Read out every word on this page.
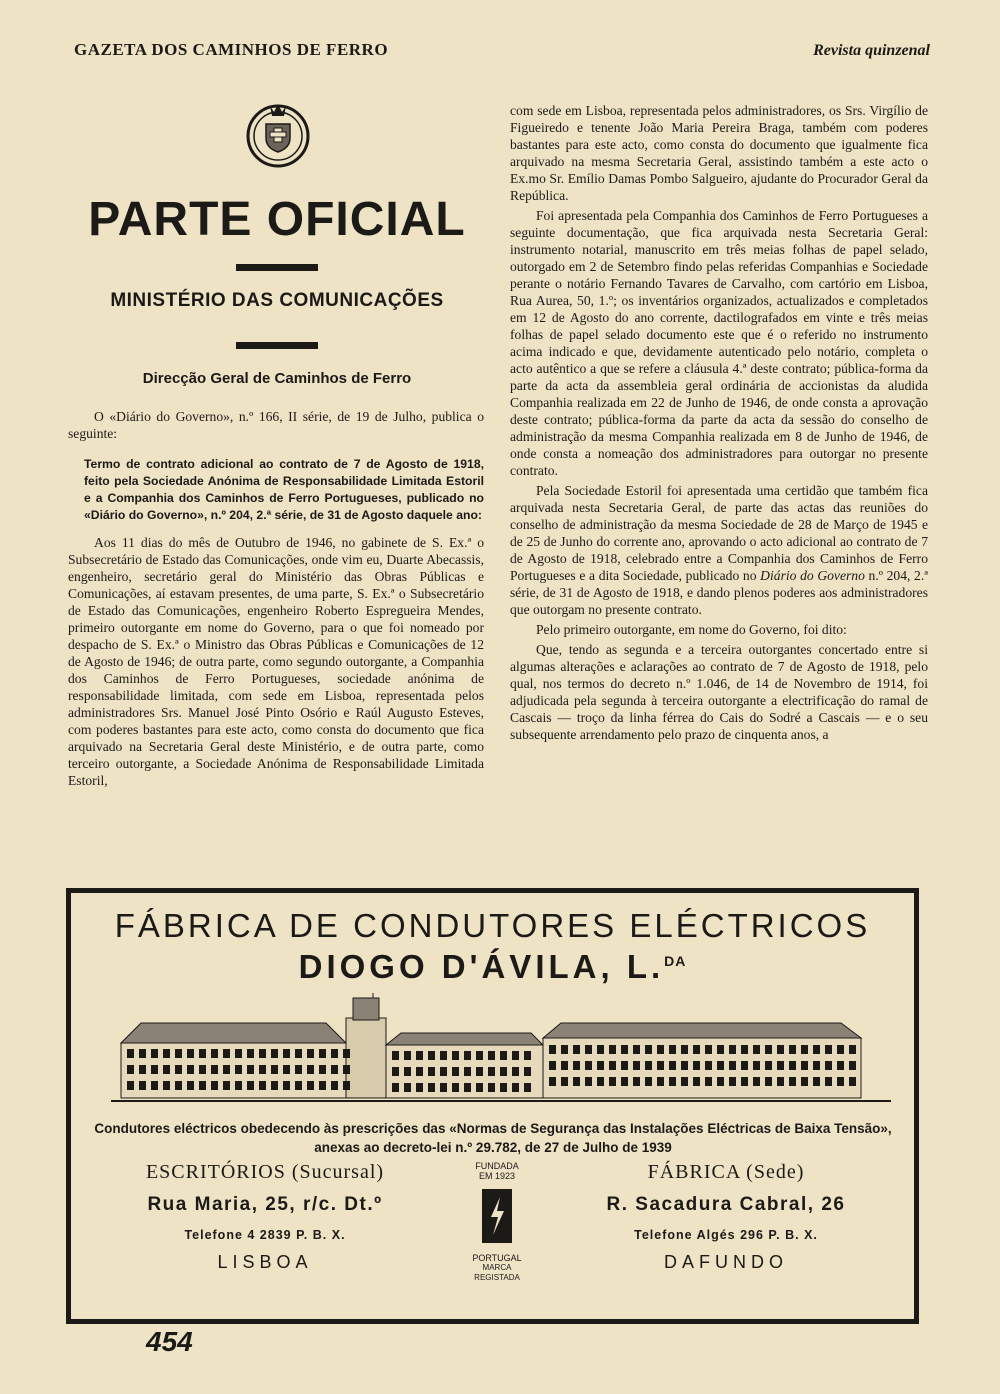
GAZETA DOS CAMINHOS DE FERRO	Revista quinzenal
PARTE OFICIAL
MINISTÉRIO DAS COMUNICAÇÕES
Direcção Geral de Caminhos de Ferro

O «Diário do Governo», n.º 166, II série, de 19 de Julho, publica o seguinte:

Termo de contrato adicional ao contrato de 7 de Agosto de 1918, feito pela Sociedade Anónima de Responsabilidade Limitada Estoril e a Companhia dos Caminhos de Ferro Portugueses, publicado no «Diário do Governo», n.º 204, 2.ª série, de 31 de Agosto daquele ano:

Aos 11 dias do mês de Outubro de 1946, no gabinete de S. Ex.ª o Subsecretário de Estado das Comunicações, onde vim eu, Duarte Abecassis, engenheiro, secretário geral do Ministério das Obras Públicas e Comunicações, aí estavam presentes, de uma parte, S. Ex.ª o Subsecretário de Estado das Comunicações, engenheiro Roberto Espregueira Mendes, primeiro outorgante em nome do Governo, para o que foi nomeado por despacho de S. Ex.ª o Ministro das Obras Públicas e Comunicações de 12 de Agosto de 1946; de outra parte, como segundo outorgante, a Companhia dos Caminhos de Ferro Portugueses, sociedade anónima de responsabilidade limitada, com sede em Lisboa, representada pelos administradores Srs. Manuel José Pinto Osório e Raúl Augusto Esteves, com poderes bastantes para este acto, como consta do documento que fica arquivado na Secretaria Geral deste Ministério, e de outra parte, como terceiro outorgante, a Sociedade Anónima de Responsabilidade Limitada Estoril,

com sede em Lisboa, representada pelos administradores, os Srs. Virgílio de Figueiredo e tenente João Maria Pereira Braga, também com poderes bastantes para este acto, como consta do documento que igualmente fica arquivado na mesma Secretaria Geral, assistindo também a este acto o Ex.mo Sr. Emílio Damas Pombo Salgueiro, ajudante do Procurador Geral da República.

Foi apresentada pela Companhia dos Caminhos de Ferro Portugueses a seguinte documentação, que fica arquivada nesta Secretaria Geral: instrumento notarial, manuscrito em três meias folhas de papel selado, outorgado em 2 de Setembro findo pelas referidas Companhias e Sociedade perante o notário Fernando Tavares de Carvalho, com cartório em Lisboa, Rua Aurea, 50, 1.º; os inventários organizados, actualizados e completados em 12 de Agosto do ano corrente, dactilografados em vinte e três meias folhas de papel selado documento este que é o referido no instrumento acima indicado e que, devidamente autenticado pelo notário, completa o acto autêntico a que se refere a cláusula 4.ª deste contrato; pública-forma da parte da acta da assembleia geral ordinária de accionistas da aludida Companhia realizada em 22 de Junho de 1946, de onde consta a aprovação deste contrato; pública-forma da parte da acta da sessão do conselho de administração da mesma Companhia realizada em 8 de Junho de 1946, de onde consta a nomeação dos administradores para outorgar no presente contrato.

Pela Sociedade Estoril foi apresentada uma certidão que também fica arquivada nesta Secretaria Geral, de parte das actas das reuniões do conselho de administração da mesma Sociedade de 28 de Março de 1945 e de 25 de Junho do corrente ano, aprovando o acto adicional ao contrato de 7 de Agosto de 1918, celebrado entre a Companhia dos Caminhos de Ferro Portugueses e a dita Sociedade, publicado no Diário do Governo n.º 204, 2.ª série, de 31 de Agosto de 1918, e dando plenos poderes aos administradores que outorgam no presente contrato.

Pelo primeiro outorgante, em nome do Governo, foi dito:

Que, tendo as segunda e a terceira outorgantes concertado entre si algumas alterações e aclarações ao contrato de 7 de Agosto de 1918, pelo qual, nos termos do decreto n.º 1.046, de 14 de Novembro de 1914, foi adjudicada pela segunda à terceira outorgante a electrificação do ramal de Cascais — troço da linha férrea do Cais do Sodré a Cascais — e o seu subsequente arrendamento pelo prazo de cinquenta anos, a

FÁBRICA DE CONDUTORES ELÉCTRICOS
DIOGO D'ÁVILA, L.$^{DA}$
Condutores eléctricos obedecendo às prescrições das «Normas de Segurança das Instalações Eléctricas de Baixa Tensão», anexas ao decreto-lei n.º 29.782, de 27 de Julho de 1939
ESCRITÓRIOS (Sucursal)
Rua Maria, 25, r/c. Dt.º
Telefone 4 2839 P. B. X.
LISBOA
FUNDADA
EM 1923
DA
PORTUGAL
MARCA REGISTADA
FÁBRICA (Sede)
R. Sacadura Cabral, 26
Telefone Algés 296 P. B. X.
DAFUNDO
454
